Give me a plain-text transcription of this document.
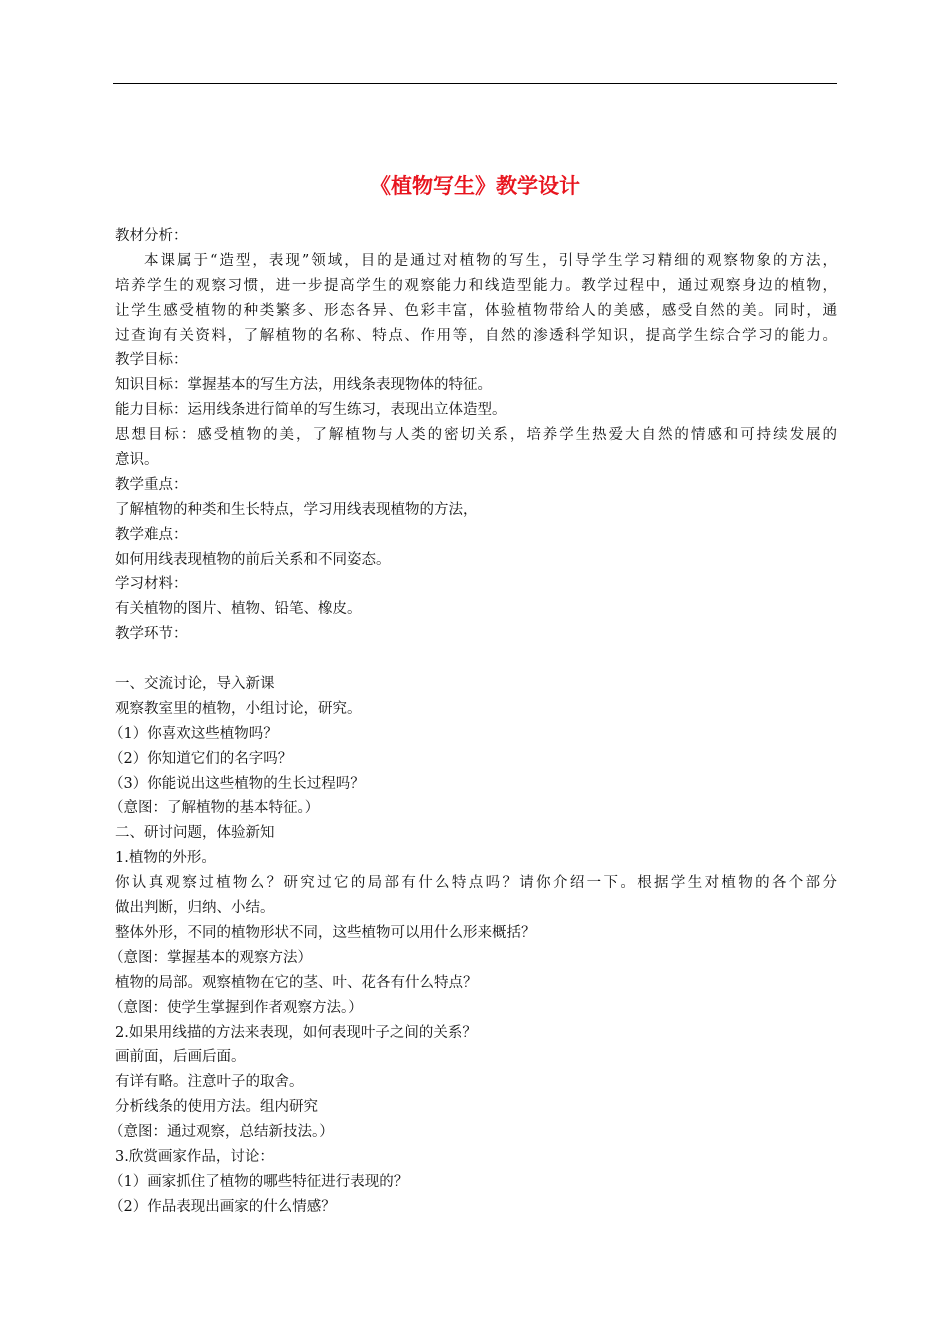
《植物写生》教学设计
教材分析：
本课属于“造型，表现”领域，目的是通过对植物的写生，引导学生学习精细的观察物象的方法，
培养学生的观察习惯，进一步提高学生的观察能力和线造型能力。教学过程中，通过观察身边的植物，
让学生感受植物的种类繁多、形态各异、色彩丰富，体验植物带给人的美感，感受自然的美。同时，通
过查询有关资料，了解植物的名称、特点、作用等，自然的渗透科学知识，提高学生综合学习的能力。
教学目标：
知识目标：掌握基本的写生方法，用线条表现物体的特征。
能力目标：运用线条进行简单的写生练习，表现出立体造型。
思想目标：感受植物的美，了解植物与人类的密切关系，培养学生热爱大自然的情感和可持续发展的
意识。
教学重点：
了解植物的种类和生长特点，学习用线表现植物的方法，
教学难点：
如何用线表现植物的前后关系和不同姿态。
学习材料：
有关植物的图片、植物、铅笔、橡皮。
教学环节：
一、交流讨论，导入新课
观察教室里的植物，小组讨论，研究。
（1）你喜欢这些植物吗？
（2）你知道它们的名字吗？
（3）你能说出这些植物的生长过程吗？
（意图：了解植物的基本特征。）
二、研讨问题，体验新知
1.植物的外形。
你认真观察过植物么？研究过它的局部有什么特点吗？请你介绍一下。根据学生对植物的各个部分
做出判断，归纳、小结。
整体外形，不同的植物形状不同，这些植物可以用什么形来概括？
（意图：掌握基本的观察方法）
植物的局部。观察植物在它的茎、叶、花各有什么特点？
（意图：使学生掌握到作者观察方法。）
2.如果用线描的方法来表现，如何表现叶子之间的关系？
画前面，后画后面。
有详有略。注意叶子的取舍。
分析线条的使用方法。组内研究
（意图：通过观察，总结新技法。）
3.欣赏画家作品，讨论：
（1）画家抓住了植物的哪些特征进行表现的？
（2）作品表现出画家的什么情感？
